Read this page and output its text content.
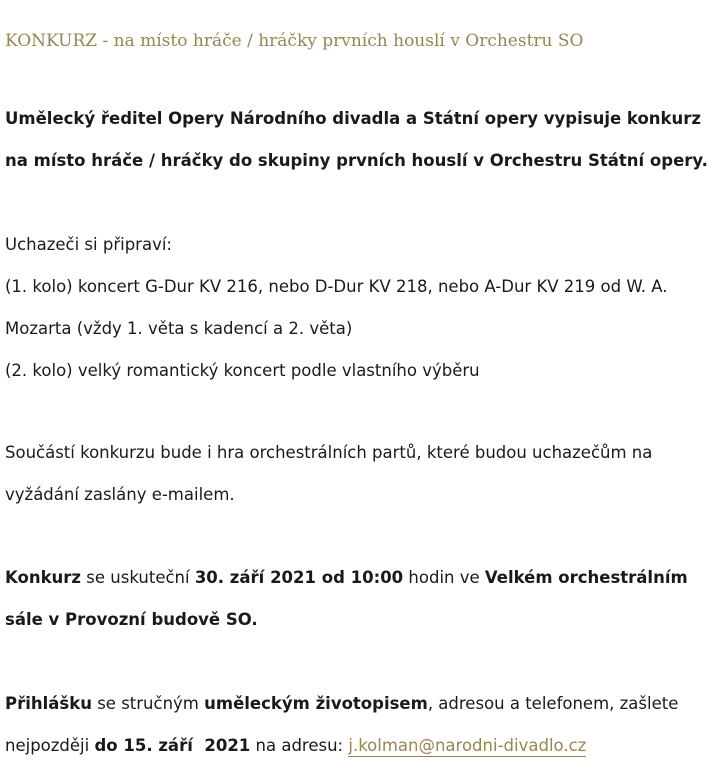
KONKURZ - na místo hráče / hráčky prvních houslí v Orchestru SO

Umělecký ředitel Opery Národního divadla a Státní opery vypisuje konkurz
na místo hráče / hráčky do skupiny prvních houslí v Orchestru Státní opery.

Uchazeči si připraví:
(1. kolo) koncert G-Dur KV 216, nebo D-Dur KV 218, nebo A-Dur KV 219 od W. A.
Mozarta (vždy 1. věta s kadencí a 2. věta)
(2. kolo) velký romantický koncert podle vlastního výběru

Součástí konkurzu bude i hra orchestrálních partů, které budou uchazečům na
vyžádání zaslány e-mailem.

Konkurz se uskuteční 30. září 2021 od 10:00 hodin ve Velkém orchestrálním
sále v Provozní budově SO.

Přihlášku se stručným uměleckým životopisem, adresou a telefonem, zašlete
nejpozději do 15. září  2021 na adresu: j.kolman@narodni-divadlo.cz
